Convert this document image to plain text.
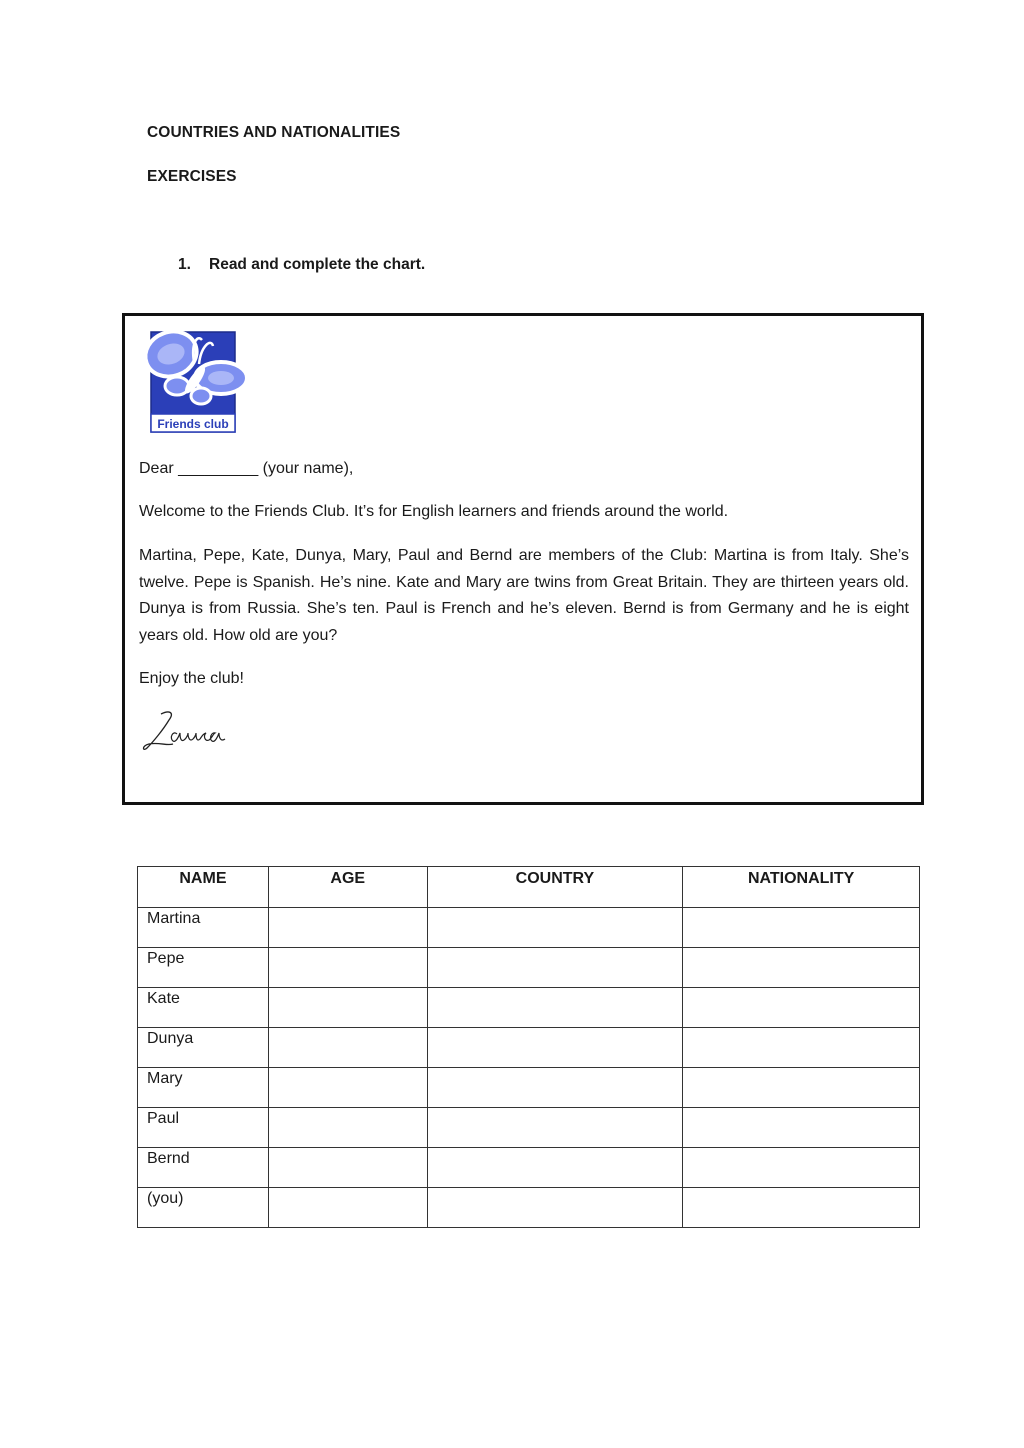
COUNTRIES AND NATIONALITIES
EXERCISES
1. Read and complete the chart.
Friends club
Dear _________ (your name),
Welcome to the Friends Club. It’s for English learners and friends around the world.
Martina, Pepe, Kate, Dunya, Mary, Paul and Bernd are members of the Club: Martina is from Italy. She’s twelve. Pepe is Spanish. He’s nine. Kate and Mary are twins from Great Britain. They are thirteen years old. Dunya is from Russia. She’s ten. Paul is French and he’s eleven. Bernd is from Germany and he is eight years old. How old are you?
Enjoy the club!
NAME	AGE	COUNTRY	NATIONALITY
Martina			
Pepe			
Kate			
Dunya			
Mary			
Paul			
Bernd			
(you)			
